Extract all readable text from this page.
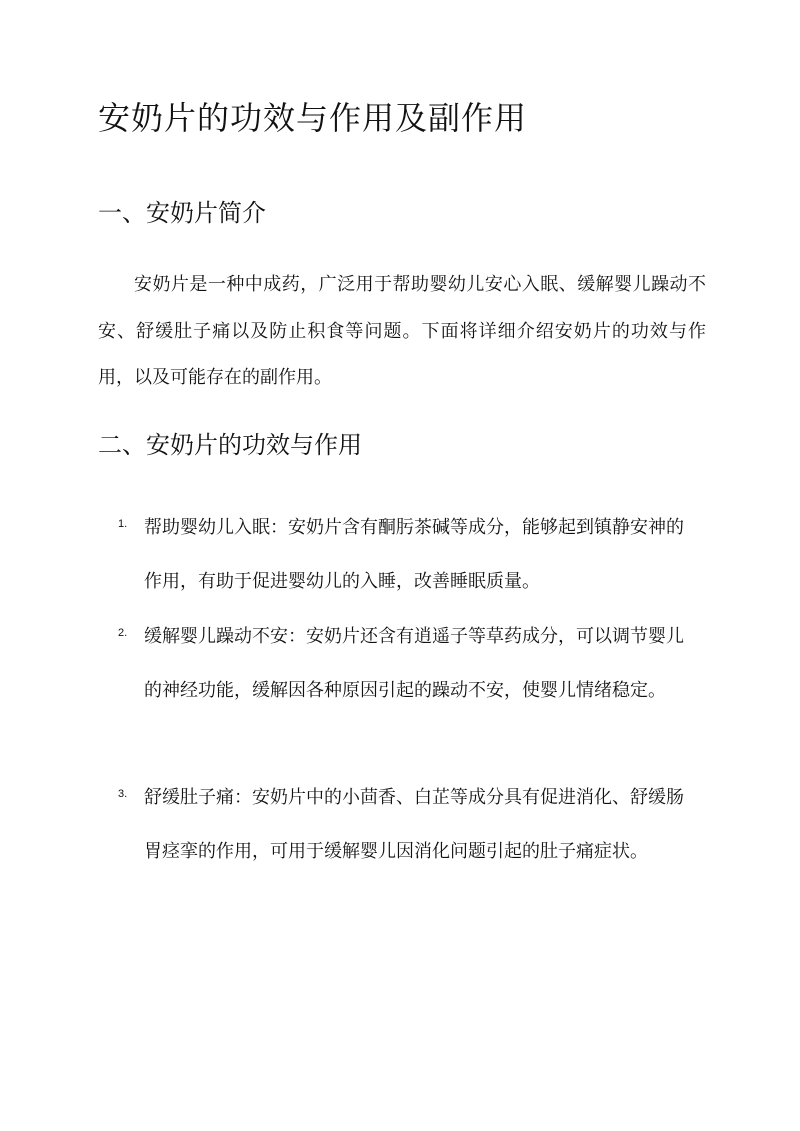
安奶片的功效与作用及副作用
一、安奶片简介

安奶片是一种中成药，广泛用于帮助婴幼儿安心入眠、缓解婴儿躁动不安、舒缓肚子痛以及防止积食等问题。下面将详细介绍安奶片的功效与作用，以及可能存在的副作用。

二、安奶片的功效与作用
1. 帮助婴幼儿入眠：安奶片含有酮肟茶碱等成分，能够起到镇静安神的作用，有助于促进婴幼儿的入睡，改善睡眠质量。

2. 缓解婴儿躁动不安：安奶片还含有逍遥子等草药成分，可以调节婴儿的神经功能，缓解因各种原因引起的躁动不安，使婴儿情绪稳定。

3. 舒缓肚子痛：安奶片中的小茴香、白芷等成分具有促进消化、舒缓肠胃痉挛的作用，可用于缓解婴儿因消化问题引起的肚子痛症状。
